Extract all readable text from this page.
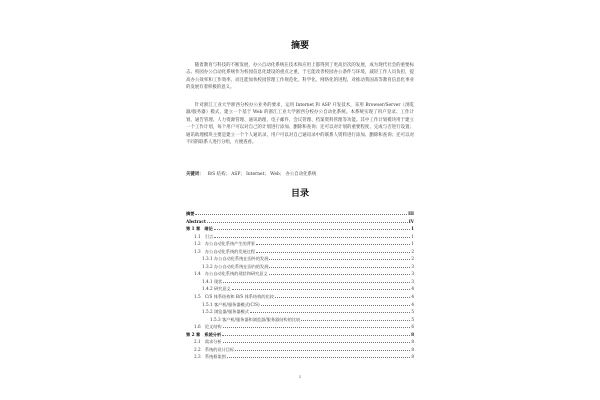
摘要

随着教育与科技的不断发展，办公自动化系统在技术和应用上都得到了更高层次的发展，成为现代社会的重要标志。校园办公自动化系统作为校园信息化建设的重点之重，于它能改善校园办公条件与环境，减轻工作人员负担，提高办公效率和工作效率，而且能加快校园管理工作规范化、科学化、网络化的进程，对推动我国高等教育信息化事业的发展有着积极的意义。

针对浙江工业大学浙西分校办公业务的要求，运用 Internet 和 ASP 开发技术，采用 Browser/Server（浏览器/服务器）模式，建立一个基于 Web 的浙江工业大学浙西分校办公自动化系统。本系统实现了用户登录、工作计划、通告管理、人力资源管理、通讯助理、电子邮件、会议管理、档案资料管理等功能。其中工作计划模块用于建立一个工作计划，每个用户可以对自己的计划进行添加、删除和查询；还可以对计划的重要程度、完成与否进行设置；通讯助理模块主要是建立一个个人通讯录，用户可以对自己通讯录中的联系人资料进行添加、删除和查询；还可以对不同的联系人进行分组，方便查看。

关键词： B/S 结构； ASP； Internet； Web； 办公自动化系统
目录
摘要	III
Abstract	IV
第 1 章　绪论	1
1.1　引言	1
1.2　办公自动化系统产生的背景	1
1.3　办公自动化系统的发展过程	2
1.3.1 办公自动化系统在国外的发展	2
1.3.2 办公自动化系统在国内的发展	3
1.4　办公自动化系统的现状和研究意义	3
1.4.1 现状	3
1.4.2 研究意义	4
1.5　C/S 体系结构和 B/S 体系结构的比较	4
1.5.1 客户机/服务器模式(C/S)	4
1.5.2 浏览器/服务器模式	5
1.5.3 客户机/服务器和浏览器/服务器结构的比较	5
1.6　论文结构	6
第 2 章　系统分析	8
2.1　需求分析	8
2.2　系统的设计目标	8
2.3　系统框架图	8
I
